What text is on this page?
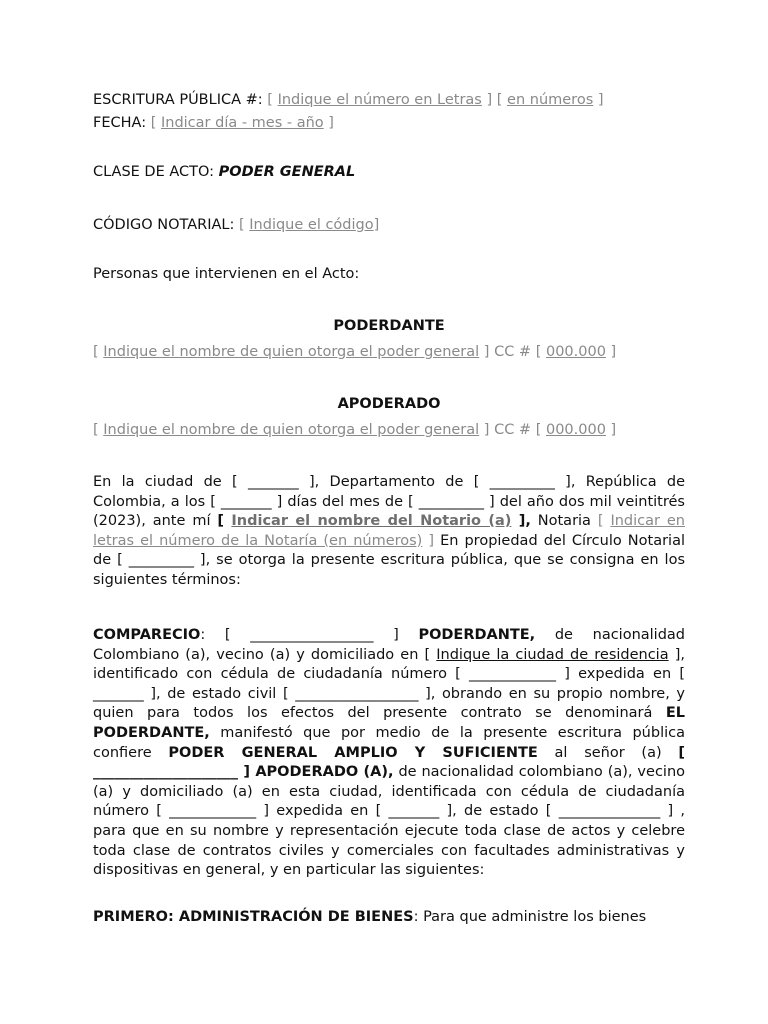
ESCRITURA PÚBLICA #: [ Indique el número en Letras ] [ en números ]
FECHA: [ Indicar día - mes - año ]
CLASE DE ACTO: PODER GENERAL
CÓDIGO NOTARIAL: [ Indique el código]
Personas que intervienen en el Acto:
PODERDANTE
[ Indique el nombre de quien otorga el poder general ] CC # [ 000.000 ]
APODERADO
[ Indique el nombre de quien otorga el poder general ] CC # [ 000.000 ]
En la ciudad de [ _______ ], Departamento de [ _________ ], República de Colombia, a los [ _______ ] días del mes de [ _________ ] del año dos mil veintitrés (2023), ante mí [ Indicar el nombre del Notario (a) ], Notaria [ Indicar en letras el número de la Notaría (en números) ] En propiedad del Círculo Notarial de [ _________ ], se otorga la presente escritura pública, que se consigna en los siguientes términos:
COMPARECIO: [ _________________ ] PODERDANTE, de nacionalidad Colombiano (a), vecino (a) y domiciliado en [ Indique la ciudad de residencia ], identificado con cédula de ciudadanía número [ ____________ ] expedida en [ _______ ], de estado civil [ _________________ ], obrando en su propio nombre, y quien para todos los efectos del presente contrato se denominará EL PODERDANTE, manifestó que por medio de la presente escritura pública confiere PODER GENERAL AMPLIO Y SUFICIENTE al señor (a) [ ____________________ ] APODERADO (A), de nacionalidad colombiano (a), vecino (a) y domiciliado (a) en esta ciudad, identificada con cédula de ciudadanía número [ ____________ ] expedida en [ _______ ], de estado [ ______________ ] , para que en su nombre y representación ejecute toda clase de actos y celebre toda clase de contratos civiles y comerciales con facultades administrativas y dispositivas en general, y en particular las siguientes:
PRIMERO: ADMINISTRACIÓN DE BIENES: Para que administre los bienes
